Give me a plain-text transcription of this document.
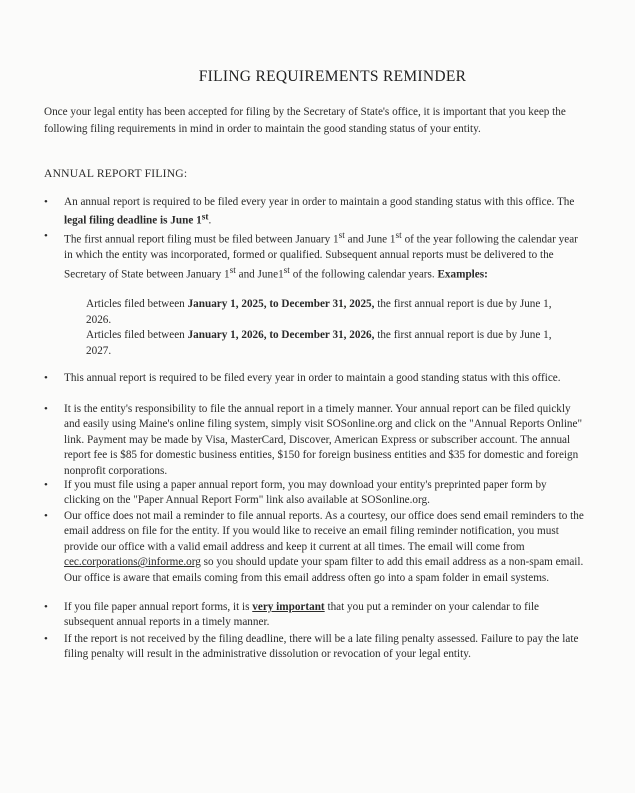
FILING REQUIREMENTS REMINDER
Once your legal entity has been accepted for filing by the Secretary of State's office, it is important that you keep the following filing requirements in mind in order to maintain the good standing status of your entity.
ANNUAL REPORT FILING:
• An annual report is required to be filed every year in order to maintain a good standing status with this office. The legal filing deadline is June 1st.
• The first annual report filing must be filed between January 1st and June 1st of the year following the calendar year in which the entity was incorporated, formed or qualified. Subsequent annual reports must be delivered to the Secretary of State between January 1st and June1st of the following calendar years. Examples:
Articles filed between January 1, 2025, to December 31, 2025, the first annual report is due by June 1, 2026.
Articles filed between January 1, 2026, to December 31, 2026, the first annual report is due by June 1, 2027.
• This annual report is required to be filed every year in order to maintain a good standing status with this office.
• It is the entity's responsibility to file the annual report in a timely manner. Your annual report can be filed quickly and easily using Maine's online filing system, simply visit SOSonline.org and click on the "Annual Reports Online" link. Payment may be made by Visa, MasterCard, Discover, American Express or subscriber account. The annual report fee is $85 for domestic business entities, $150 for foreign business entities and $35 for domestic and foreign nonprofit corporations.
• If you must file using a paper annual report form, you may download your entity's preprinted paper form by clicking on the "Paper Annual Report Form" link also available at SOSonline.org.
• Our office does not mail a reminder to file annual reports. As a courtesy, our office does send email reminders to the email address on file for the entity. If you would like to receive an email filing reminder notification, you must provide our office with a valid email address and keep it current at all times. The email will come from cec.corporations@informe.org so you should update your spam filter to add this email address as a non-spam email. Our office is aware that emails coming from this email address often go into a spam folder in email systems.
• If you file paper annual report forms, it is very important that you put a reminder on your calendar to file subsequent annual reports in a timely manner.
• If the report is not received by the filing deadline, there will be a late filing penalty assessed. Failure to pay the late filing penalty will result in the administrative dissolution or revocation of your legal entity.
